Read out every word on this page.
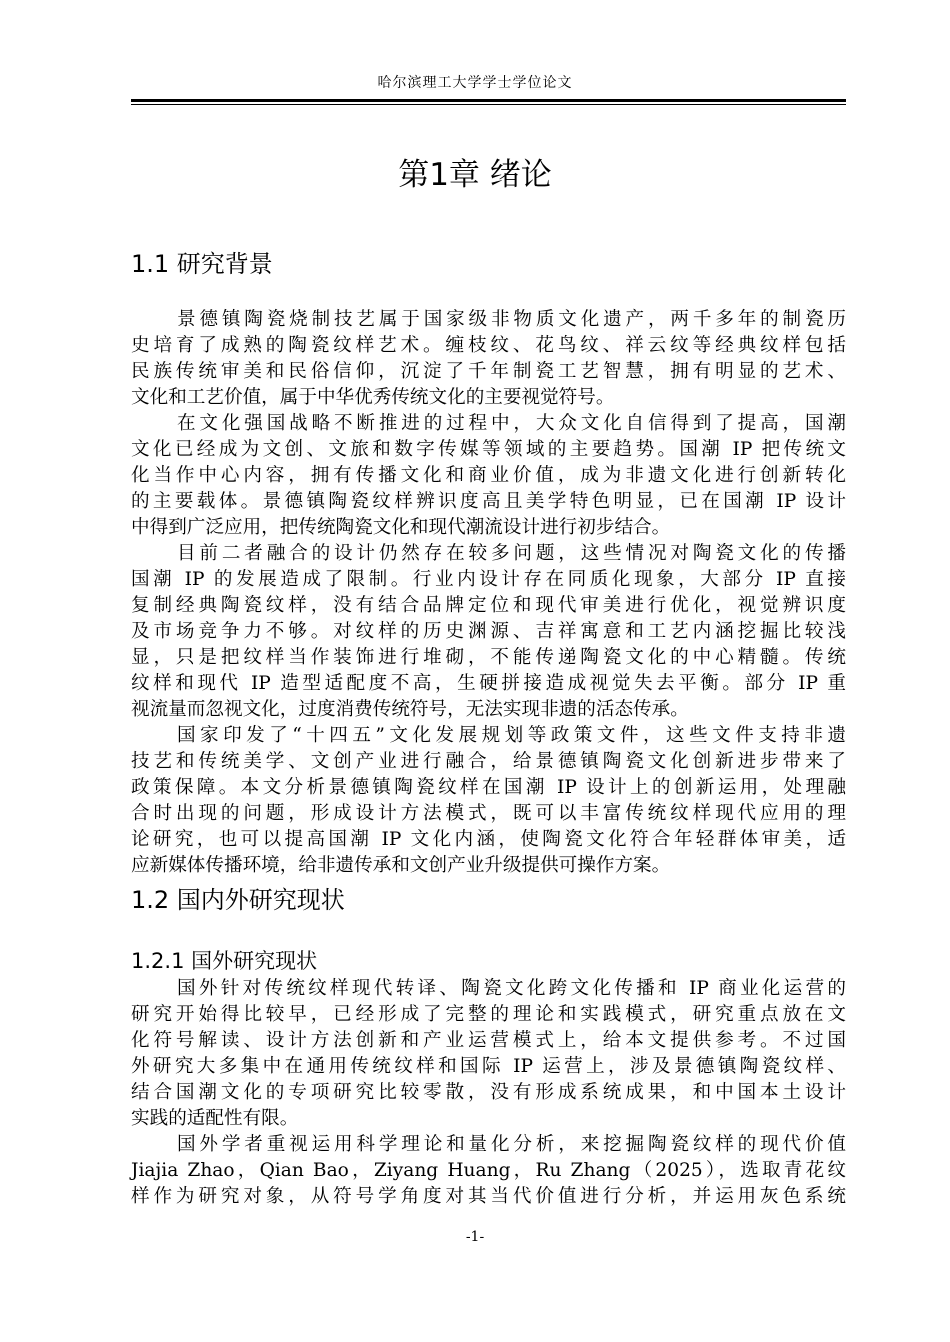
哈尔滨理工大学学士学位论文
第1章 绪论
1.1 研究背景
景德镇陶瓷烧制技艺属于国家级非物质文化遗产，两千多年的制瓷历
史培育了成熟的陶瓷纹样艺术。缠枝纹、花鸟纹、祥云纹等经典纹样包括
民族传统审美和民俗信仰，沉淀了千年制瓷工艺智慧，拥有明显的艺术、
文化和工艺价值，属于中华优秀传统文化的主要视觉符号。
在文化强国战略不断推进的过程中，大众文化自信得到了提高，国潮
文化已经成为文创、文旅和数字传媒等领域的主要趋势。国潮 IP 把传统文
化当作中心内容，拥有传播文化和商业价值，成为非遗文化进行创新转化
的主要载体。景德镇陶瓷纹样辨识度高且美学特色明显，已在国潮 IP 设计
中得到广泛应用，把传统陶瓷文化和现代潮流设计进行初步结合。
目前二者融合的设计仍然存在较多问题，这些情况对陶瓷文化的传播
国潮 IP 的发展造成了限制。行业内设计存在同质化现象，大部分 IP 直接
复制经典陶瓷纹样，没有结合品牌定位和现代审美进行优化，视觉辨识度
及市场竞争力不够。对纹样的历史渊源、吉祥寓意和工艺内涵挖掘比较浅
显，只是把纹样当作装饰进行堆砌，不能传递陶瓷文化的中心精髓。传统
纹样和现代 IP 造型适配度不高，生硬拼接造成视觉失去平衡。部分 IP 重
视流量而忽视文化，过度消费传统符号，无法实现非遗的活态传承。
国家印发了“十四五”文化发展规划等政策文件，这些文件支持非遗
技艺和传统美学、文创产业进行融合，给景德镇陶瓷文化创新进步带来了
政策保障。本文分析景德镇陶瓷纹样在国潮 IP 设计上的创新运用，处理融
合时出现的问题，形成设计方法模式，既可以丰富传统纹样现代应用的理
论研究，也可以提高国潮 IP 文化内涵，使陶瓷文化符合年轻群体审美，适
应新媒体传播环境，给非遗传承和文创产业升级提供可操作方案。
1.2 国内外研究现状
1.2.1 国外研究现状
国外针对传统纹样现代转译、陶瓷文化跨文化传播和 IP 商业化运营的
研究开始得比较早，已经形成了完整的理论和实践模式，研究重点放在文
化符号解读、设计方法创新和产业运营模式上，给本文提供参考。不过国
外研究大多集中在通用传统纹样和国际 IP 运营上，涉及景德镇陶瓷纹样、
结合国潮文化的专项研究比较零散，没有形成系统成果，和中国本土设计
实践的适配性有限。
国外学者重视运用科学理论和量化分析，来挖掘陶瓷纹样的现代价值
Jiajia Zhao，Qian Bao，Ziyang Huang，Ru Zhang（2025），选取青花纹
样作为研究对象，从符号学角度对其当代价值进行分析，并运用灰色系统
-1-
